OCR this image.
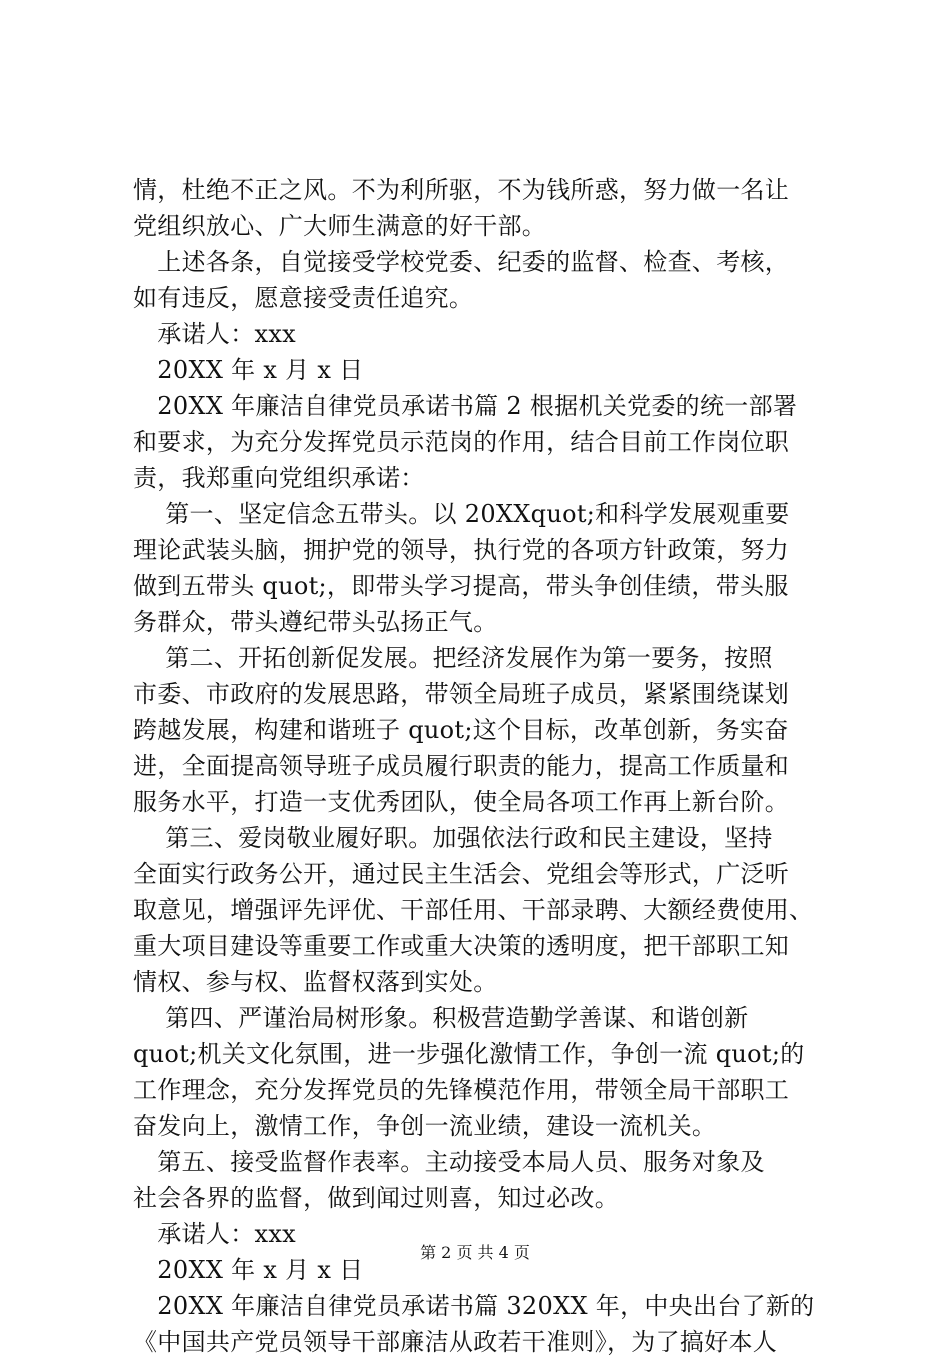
情，杜绝不正之风。不为利所驱，不为钱所惑，努力做一名让
党组织放心、广大师生满意的好干部。
　上述各条，自觉接受学校党委、纪委的监督、检查、考核，
如有违反，愿意接受责任追究。
　承诺人：xxx
　20XX 年 x 月 x 日
　20XX 年廉洁自律党员承诺书篇 2 根据机关党委的统一部署
和要求，为充分发挥党员示范岗的作用，结合目前工作岗位职
责，我郑重向党组织承诺：
　 第一、坚定信念五带头。以 20XXquot;和科学发展观重要
理论武装头脑，拥护党的领导，执行党的各项方针政策，努力
做到五带头 quot;，即带头学习提高，带头争创佳绩，带头服
务群众，带头遵纪带头弘扬正气。
　 第二、开拓创新促发展。把经济发展作为第一要务，按照
市委、市政府的发展思路，带领全局班子成员，紧紧围绕谋划
跨越发展，构建和谐班子 quot;这个目标，改革创新，务实奋
进，全面提高领导班子成员履行职责的能力，提高工作质量和
服务水平，打造一支优秀团队，使全局各项工作再上新台阶。
　 第三、爱岗敬业履好职。加强依法行政和民主建设，坚持
全面实行政务公开，通过民主生活会、党组会等形式，广泛听
取意见，增强评先评优、干部任用、干部录聘、大额经费使用、
重大项目建设等重要工作或重大决策的透明度，把干部职工知
情权、参与权、监督权落到实处。
　 第四、严谨治局树形象。积极营造勤学善谋、和谐创新
quot;机关文化氛围，进一步强化激情工作，争创一流 quot;的
工作理念，充分发挥党员的先锋模范作用，带领全局干部职工
奋发向上，激情工作，争创一流业绩，建设一流机关。
　第五、接受监督作表率。主动接受本局人员、服务对象及
社会各界的监督，做到闻过则喜，知过必改。
　承诺人：xxx
　20XX 年 x 月 x 日
　20XX 年廉洁自律党员承诺书篇 320XX 年，中央出台了新的
《中国共产党员领导干部廉洁从政若干准则》，为了搞好本人
第 2 页 共 4 页
